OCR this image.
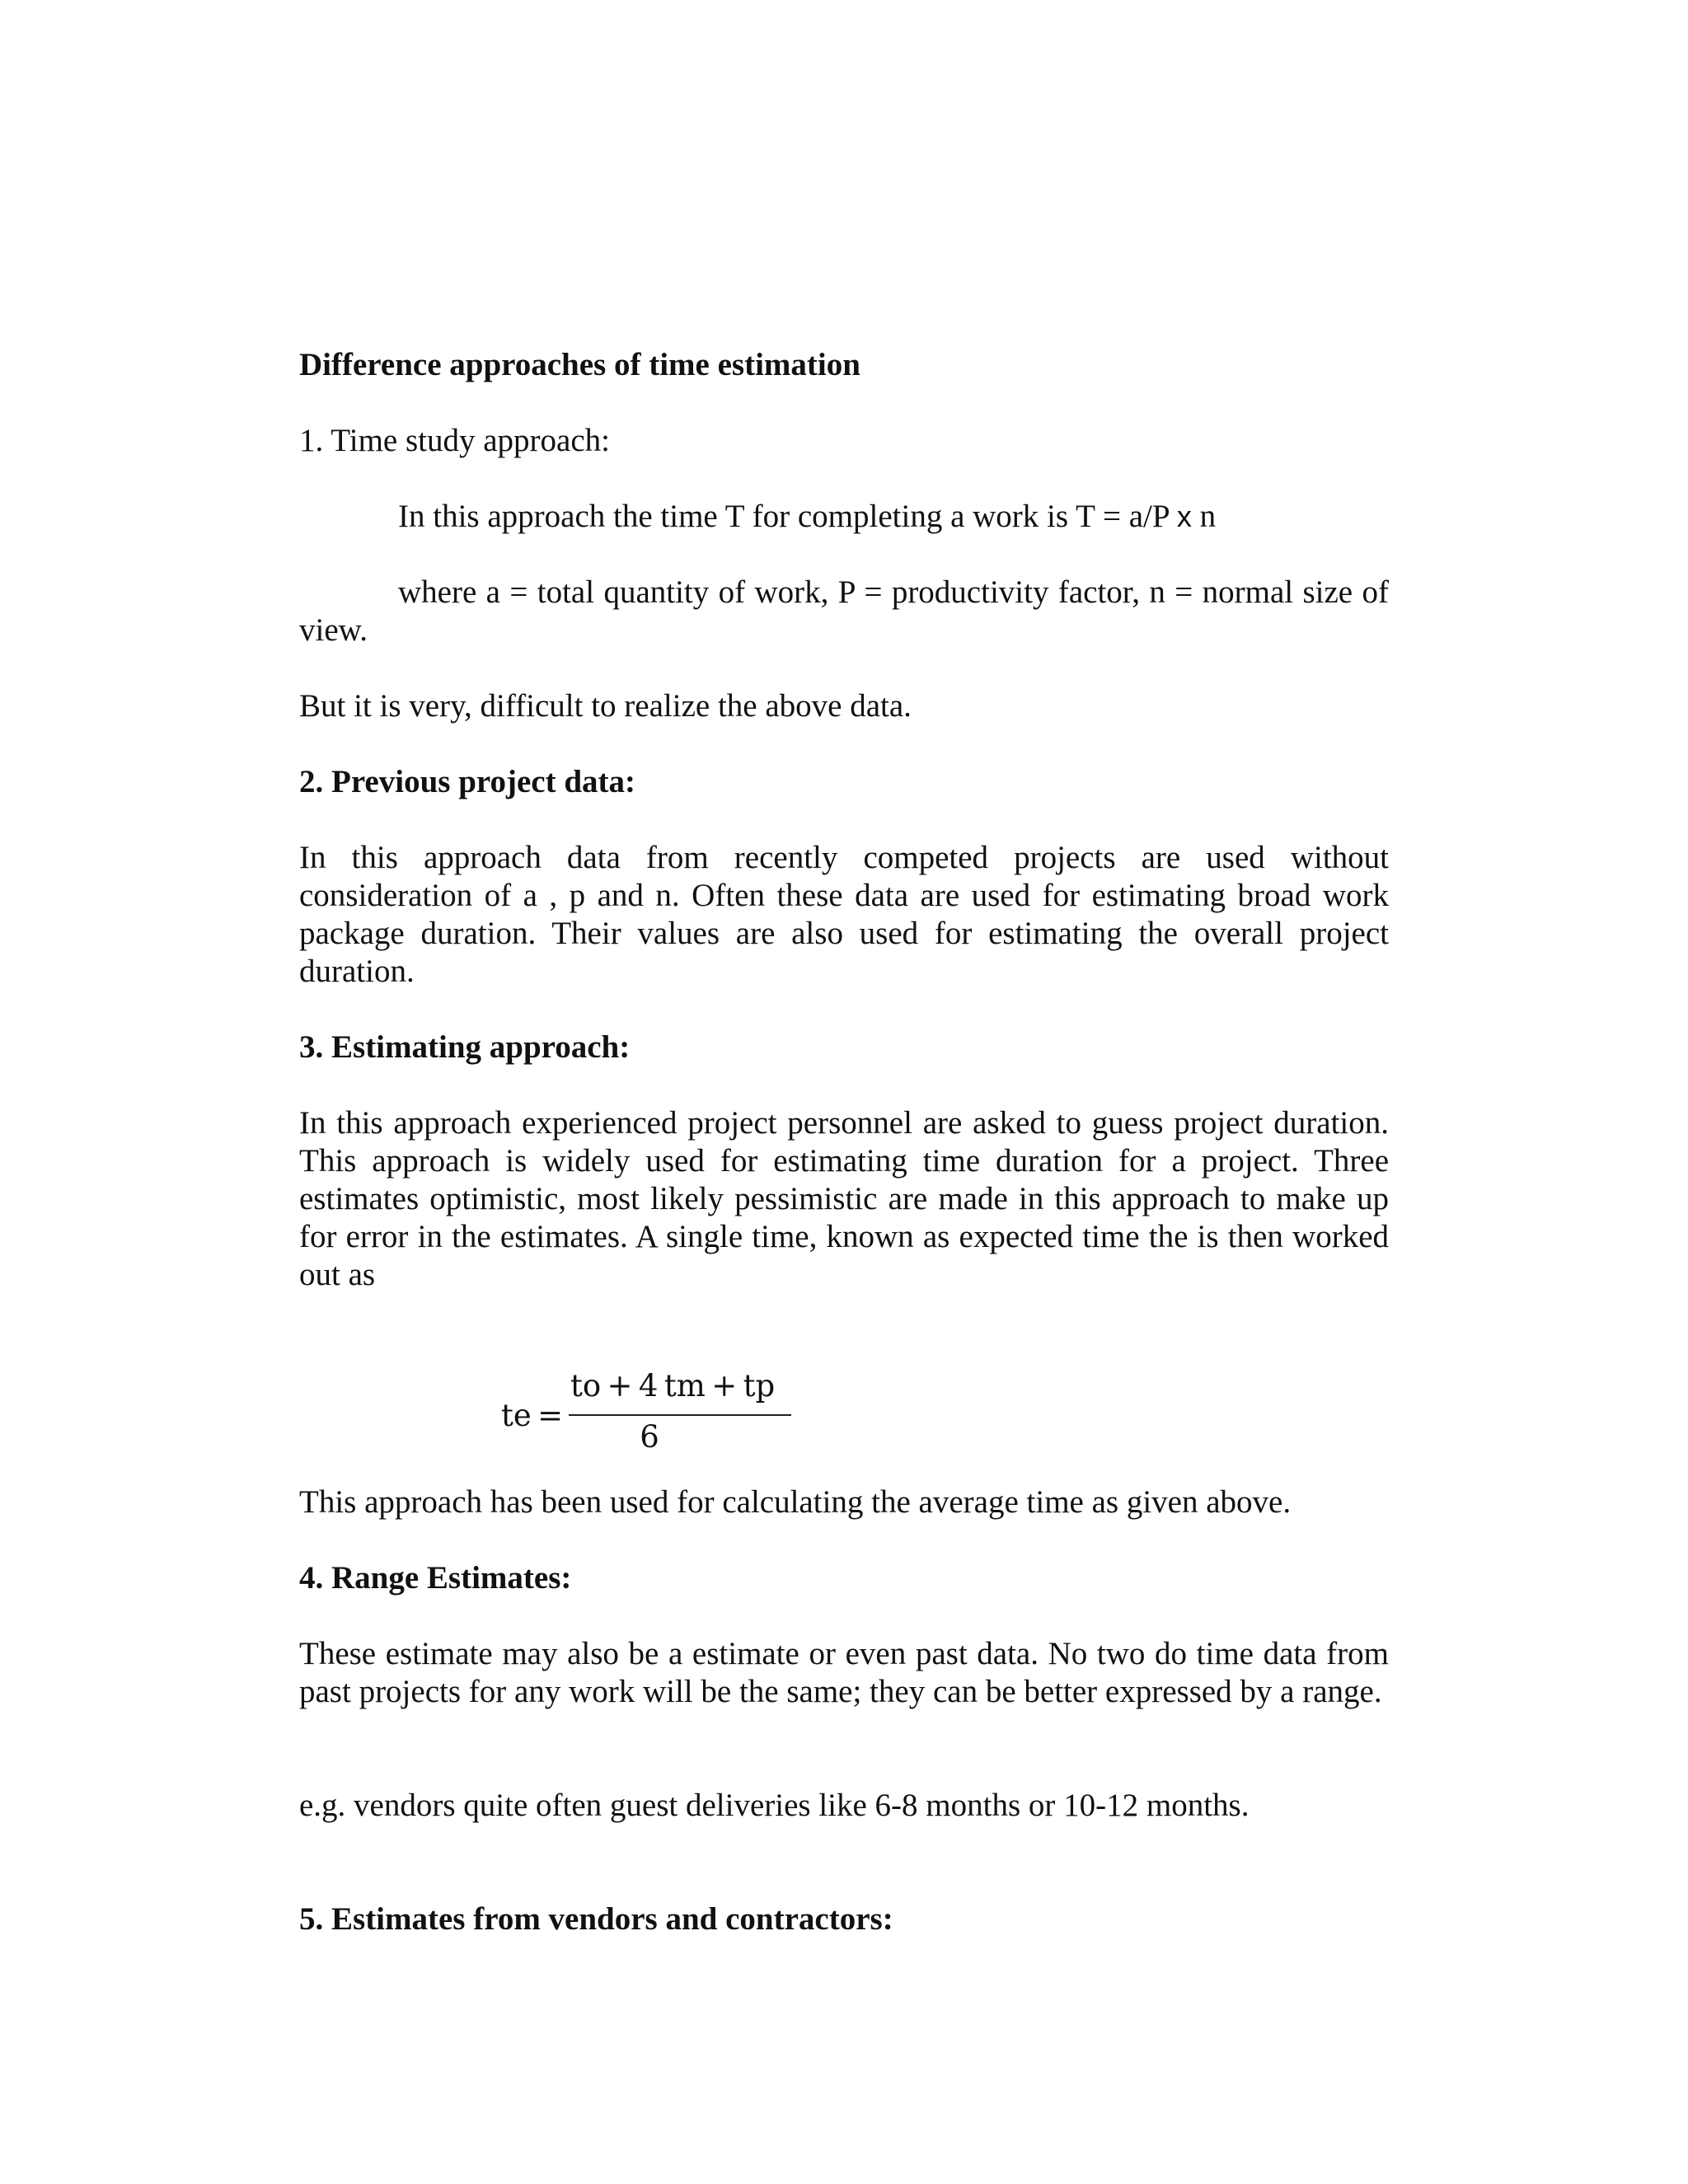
Difference approaches of time estimation
1. Time study approach:
In this approach the time T for completing a work is T = a/P x n
where a = total quantity of work, P = productivity factor, n = normal size of view.
But it is very, difficult to realize the above data.
2. Previous project data:
In this approach data from recently competed projects are used without consideration of a , p and n. Often these data are used for estimating broad work package duration. Their values are also used for estimating the overall project duration.
3. Estimating approach:
In this approach experienced project personnel are asked to guess project duration. This approach is widely used for estimating time duration for a project. Three estimates optimistic, most likely pessimistic are made in this approach to make up for error in the estimates. A single time, known as expected time the is then worked out as
te =
to + 4 tm + tp
6
This approach has been used for calculating the average time as given above.
4. Range Estimates:
These estimate may also be a estimate or even past data. No two do time data from past projects for any work will be the same; they can be better expressed by a range.
e.g. vendors quite often guest deliveries like 6-8 months or 10-12 months.
5. Estimates from vendors and contractors:
